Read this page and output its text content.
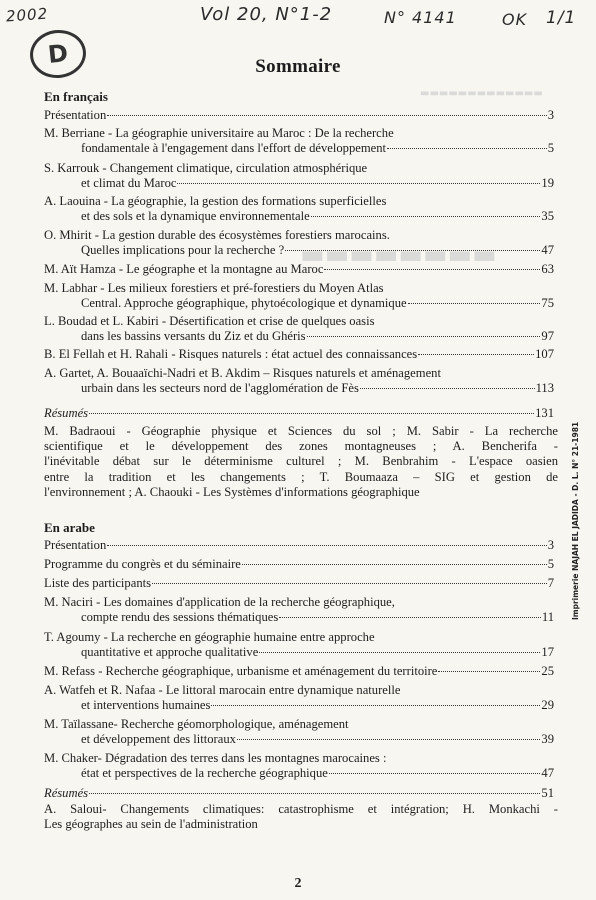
2002	Vol 20, N°1-2	N° 4141	OK 1/1
D
▬▬▬▬▬▬▬▬▬▬▬▬▬
▬▬▬▬▬▬▬▬
Sommaire
En français
Présentation	3
M. Berriane - La géographie universitaire au Maroc : De la recherche
fondamentale à l'engagement dans l'effort de développement	5
S. Karrouk - Changement climatique, circulation atmosphérique
et climat du Maroc	19
A. Laouina - La géographie, la gestion des formations superficielles
et des sols et la dynamique environnementale	35
O. Mhirit - La gestion durable des écosystèmes forestiers marocains.
Quelles implications pour la recherche ?	47
M. Aït Hamza - Le géographe et la montagne au Maroc	63
M. Labhar - Les milieux forestiers et pré-forestiers du Moyen Atlas
Central. Approche géographique, phytoécologique et dynamique	75
L. Boudad et L. Kabiri - Désertification et crise de quelques oasis
dans les bassins versants du Ziz et du Ghéris	97
B. El Fellah et H. Rahali - Risques naturels : état actuel des connaissances	107
A. Gartet, A. Bouaaïchi-Nadri et B. Akdim – Risques naturels et aménagement
urbain dans les secteurs nord de l'agglomération de Fès	113
Résumés	131
M. Badraoui - Géographie physique et Sciences du sol ; M. Sabir - La recherche
scientifique et le développement des zones montagneuses ; A. Bencherifa -
l'inévitable débat sur le déterminisme culturel ; M. Benbrahim - L'espace oasien
entre la tradition et les changements ; T. Boumaaza – SIG et gestion de
l'environnement ; A. Chaouki - Les Systèmes d'informations géographique
En arabe
Présentation	3
Programme du congrès et du séminaire	5
Liste des participants	7
M. Naciri - Les domaines d'application de la recherche géographique,
compte rendu des sessions thématiques	11
T. Agoumy - La recherche en géographie humaine entre approche
quantitative et approche qualitative	17
M. Refass - Recherche géographique, urbanisme et aménagement du territoire	25
A. Watfeh et R. Nafaa - Le littoral marocain entre dynamique naturelle
et interventions humaines	29
M. Taïlassane- Recherche géomorphologique, aménagement
et développement des littoraux	39
M. Chaker- Dégradation des terres dans les montagnes marocaines :
état et perspectives de la recherche géographique	47
Résumés	51
A. Saloui- Changements climatiques: catastrophisme et intégration; H. Monkachi -
Les géographes au sein de l'administration
Imprimerie NAJAH EL JADIDA - D. L. N° 21-1981
2
